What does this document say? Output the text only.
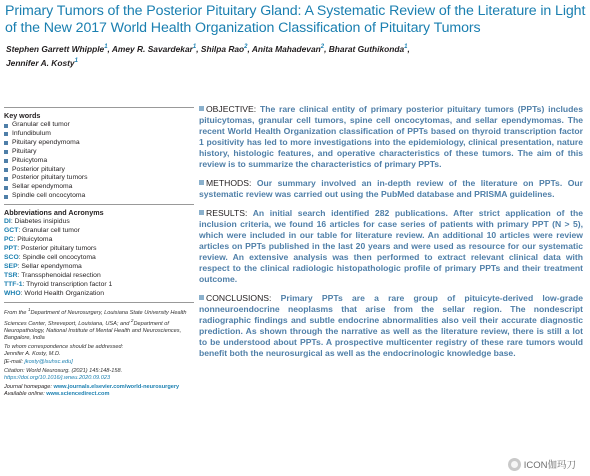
Primary Tumors of the Posterior Pituitary Gland: A Systematic Review of the Literature in Light of the New 2017 World Health Organization Classification of Pituitary Tumors
Stephen Garrett Whipple$^1$, Amey R. Savardekar$^1$, Shilpa Rao$^2$, Anita Mahadevan$^2$, Bharat Guthikonda$^1$,
Jennifer A. Kosty$^1$
Key words
Granular cell tumor
Infundibulum
Pituitary ependymoma
Pituitary
Pituicytoma
Posterior pituitary
Posterior pituitary tumors
Sellar ependymoma
Spindle cell oncocytoma
Abbreviations and Acronyms
DI: Diabetes insipidus
GCT: Granular cell tumor
PC: Pituicytoma
PPT: Posterior pituitary tumors
SCO: Spindle cell oncocytoma
SEP: Sellar ependymoma
TSR: Transsphenoidal resection
TTF-1: Thyroid transcription factor 1
WHO: World Health Organization
From the $^1$Department of Neurosurgery, Louisiana State University Health Sciences Center, Shreveport, Louisiana, USA; and $^2$Department of Neuropathology, National Institute of Mental Health and Neurosciences, Bangalore, India
To whom correspondence should be addressed:
Jennifer A. Kosty, M.D.
[E-mail: jkosty@lsuhsc.edu]
Citation: World Neurosurg. (2021) 145:148-158.
https://doi.org/10.1016/j.wneu.2020.09.023
Journal homepage: www.journals.elsevier.com/world-neurosurgery
Available online: www.sciencedirect.com

OBJECTIVE: The rare clinical entity of primary posterior pituitary tumors (PPTs) includes pituicytomas, granular cell tumors, spine cell oncocytomas, and sellar ependymomas. The recent World Health Organization classification of PPTs based on thyroid transcription factor 1 positivity has led to more investigations into the epidemiology, clinical presentation, nature history, histologic features, and operative characteristics of these tumors. The aim of this review is to summarize the characteristics of primary PPTs.

METHODS: Our summary involved an in-depth review of the literature on PPTs. Our systematic review was carried out using the PubMed database and PRISMA guidelines.

RESULTS: An initial search identified 282 publications. After strict application of the inclusion criteria, we found 16 articles for case series of patients with primary PPT (N > 5), which were included in our table for literature review. An additional 10 articles were review articles on PPTs published in the last 20 years and were used as resource for our systematic review. An extensive analysis was then performed to extract relevant clinical data with respect to the clinical radiologic histopathologic profile of primary PPTs and their treatment outcome.

CONCLUSIONS: Primary PPTs are a rare group of pituicyte-derived low-grade nonneuroendocrine neoplasms that arise from the sellar region. The nondescript radiographic findings and subtle endocrine abnormalities also veil their accurate diagnostic prediction. As shown through the narrative as well as the literature review, there is still a lot to be understood about PPTs. A prospective multicenter registry of these rare tumors would benefit both the neurosurgical as well as the endocrinologic knowledge base.

ICON伽玛刀
